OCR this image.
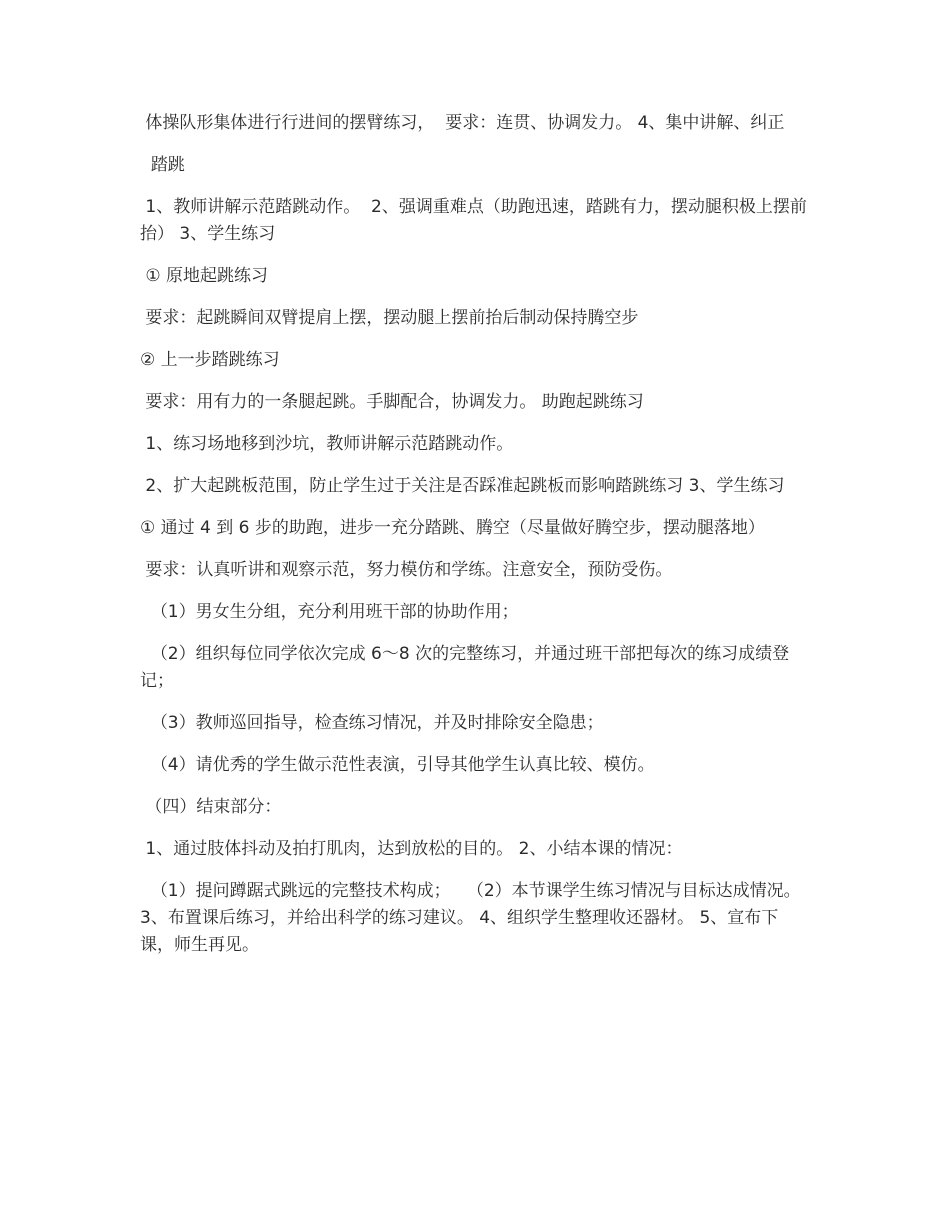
体操队形集体进行行进间的摆臂练习，  要求：连贯、协调发力。 4、集中讲解、纠正

踏跳

1、教师讲解示范踏跳动作。  2、强调重难点（助跑迅速，踏跳有力，摆动腿积极上摆前抬） 3、学生练习

① 原地起跳练习

要求：起跳瞬间双臂提肩上摆，摆动腿上摆前抬后制动保持腾空步

② 上一步踏跳练习

要求：用有力的一条腿起跳。手脚配合，协调发力。 助跑起跳练习

1、练习场地移到沙坑，教师讲解示范踏跳动作。

2、扩大起跳板范围，防止学生过于关注是否踩准起跳板而影响踏跳练习 3、学生练习

① 通过 4 到 6 步的助跑，进步一充分踏跳、腾空（尽量做好腾空步，摆动腿落地）

要求：认真听讲和观察示范，努力模仿和学练。注意安全，预防受伤。

（1）男女生分组，充分利用班干部的协助作用；

（2）组织每位同学依次完成 6～8 次的完整练习，并通过班干部把每次的练习成绩登记；

（3）教师巡回指导，检查练习情况，并及时排除安全隐患；

（4）请优秀的学生做示范性表演，引导其他学生认真比较、模仿。

（四）结束部分：

1、通过肢体抖动及拍打肌肉，达到放松的目的。 2、小结本课的情况：

（1）提问蹲踞式跳远的完整技术构成；   （2）本节课学生练习情况与目标达成情况。 3、布置课后练习，并给出科学的练习建议。 4、组织学生整理收还器材。 5、宣布下课，师生再见。
